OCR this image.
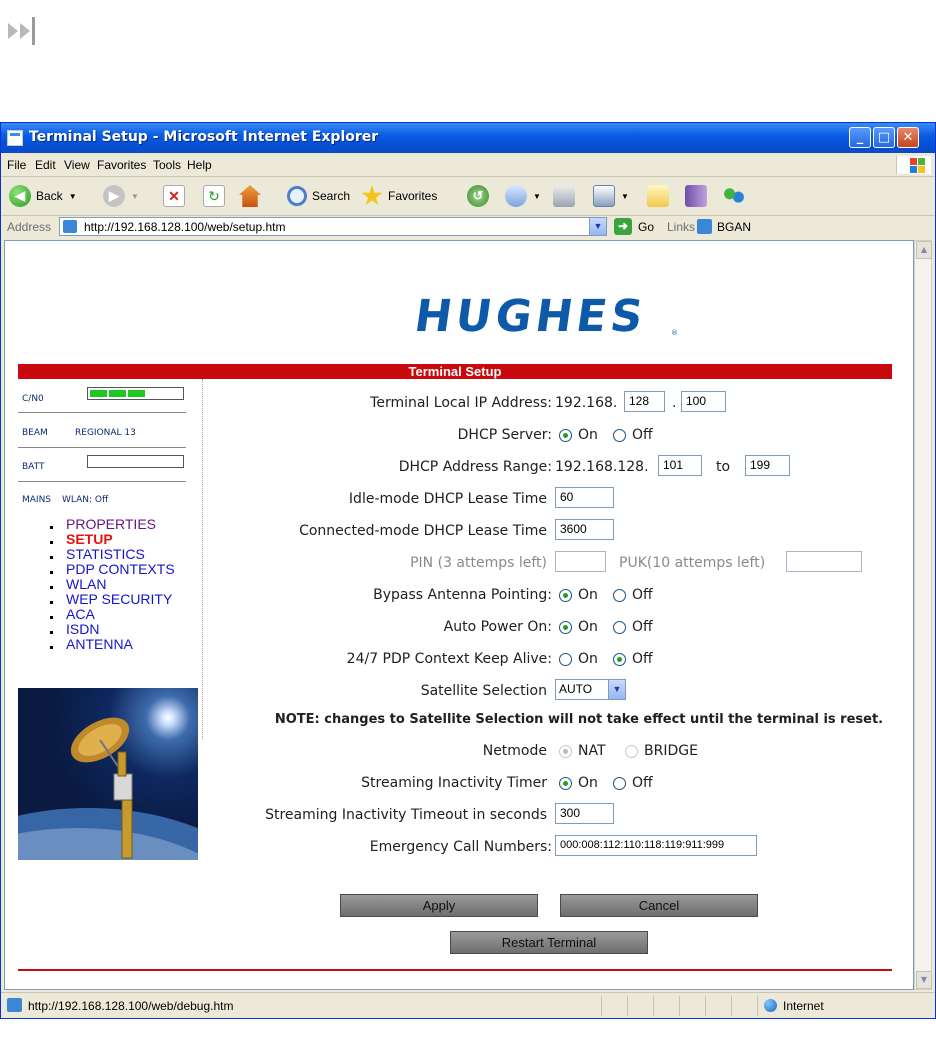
Terminal Setup - Microsoft Internet Explorer	_	□ ✕
File Edit View Favorites Tools Help
◀ Back ▼	▶	▼	✕	↻	Search	Favorites	↺	▼	▼
Address	http://192.168.128.100/web/setup.htm	▼	➜ Go Links BGAN
HUGHES	®
Terminal Setup
C/N0
BEAM	REGIONAL 13
BATT
MAINS WLAN: Off
PROPERTIES
SETUP
STATISTICS
PDP CONTEXTS
WLAN
WEP SECURITY
ACA
ISDN
ANTENNA
Terminal Local IP Address: 192.168. 128	. 100
DHCP Server: On Off
DHCP Address Range: 192.168.128.	101	to	199
Idle-mode DHCP Lease Time	60
Connected-mode DHCP Lease Time	3600
PIN (3 attemps left)	PUK(10 attemps left)
Bypass Antenna Pointing: On Off
Auto Power On: On Off
24/7 PDP Context Keep Alive: On Off
Satellite Selection	AUTO	▼
NOTE: changes to Satellite Selection will not take effect until the terminal is reset.
Netmode NAT	BRIDGE
Streaming Inactivity Timer On Off
Streaming Inactivity Timeout in seconds	300
Emergency Call Numbers: 000:008:112:110:118:119:911:999
Apply	Cancel
Restart Terminal
▲
▼
http://192.168.128.100/web/debug.htm	Internet
